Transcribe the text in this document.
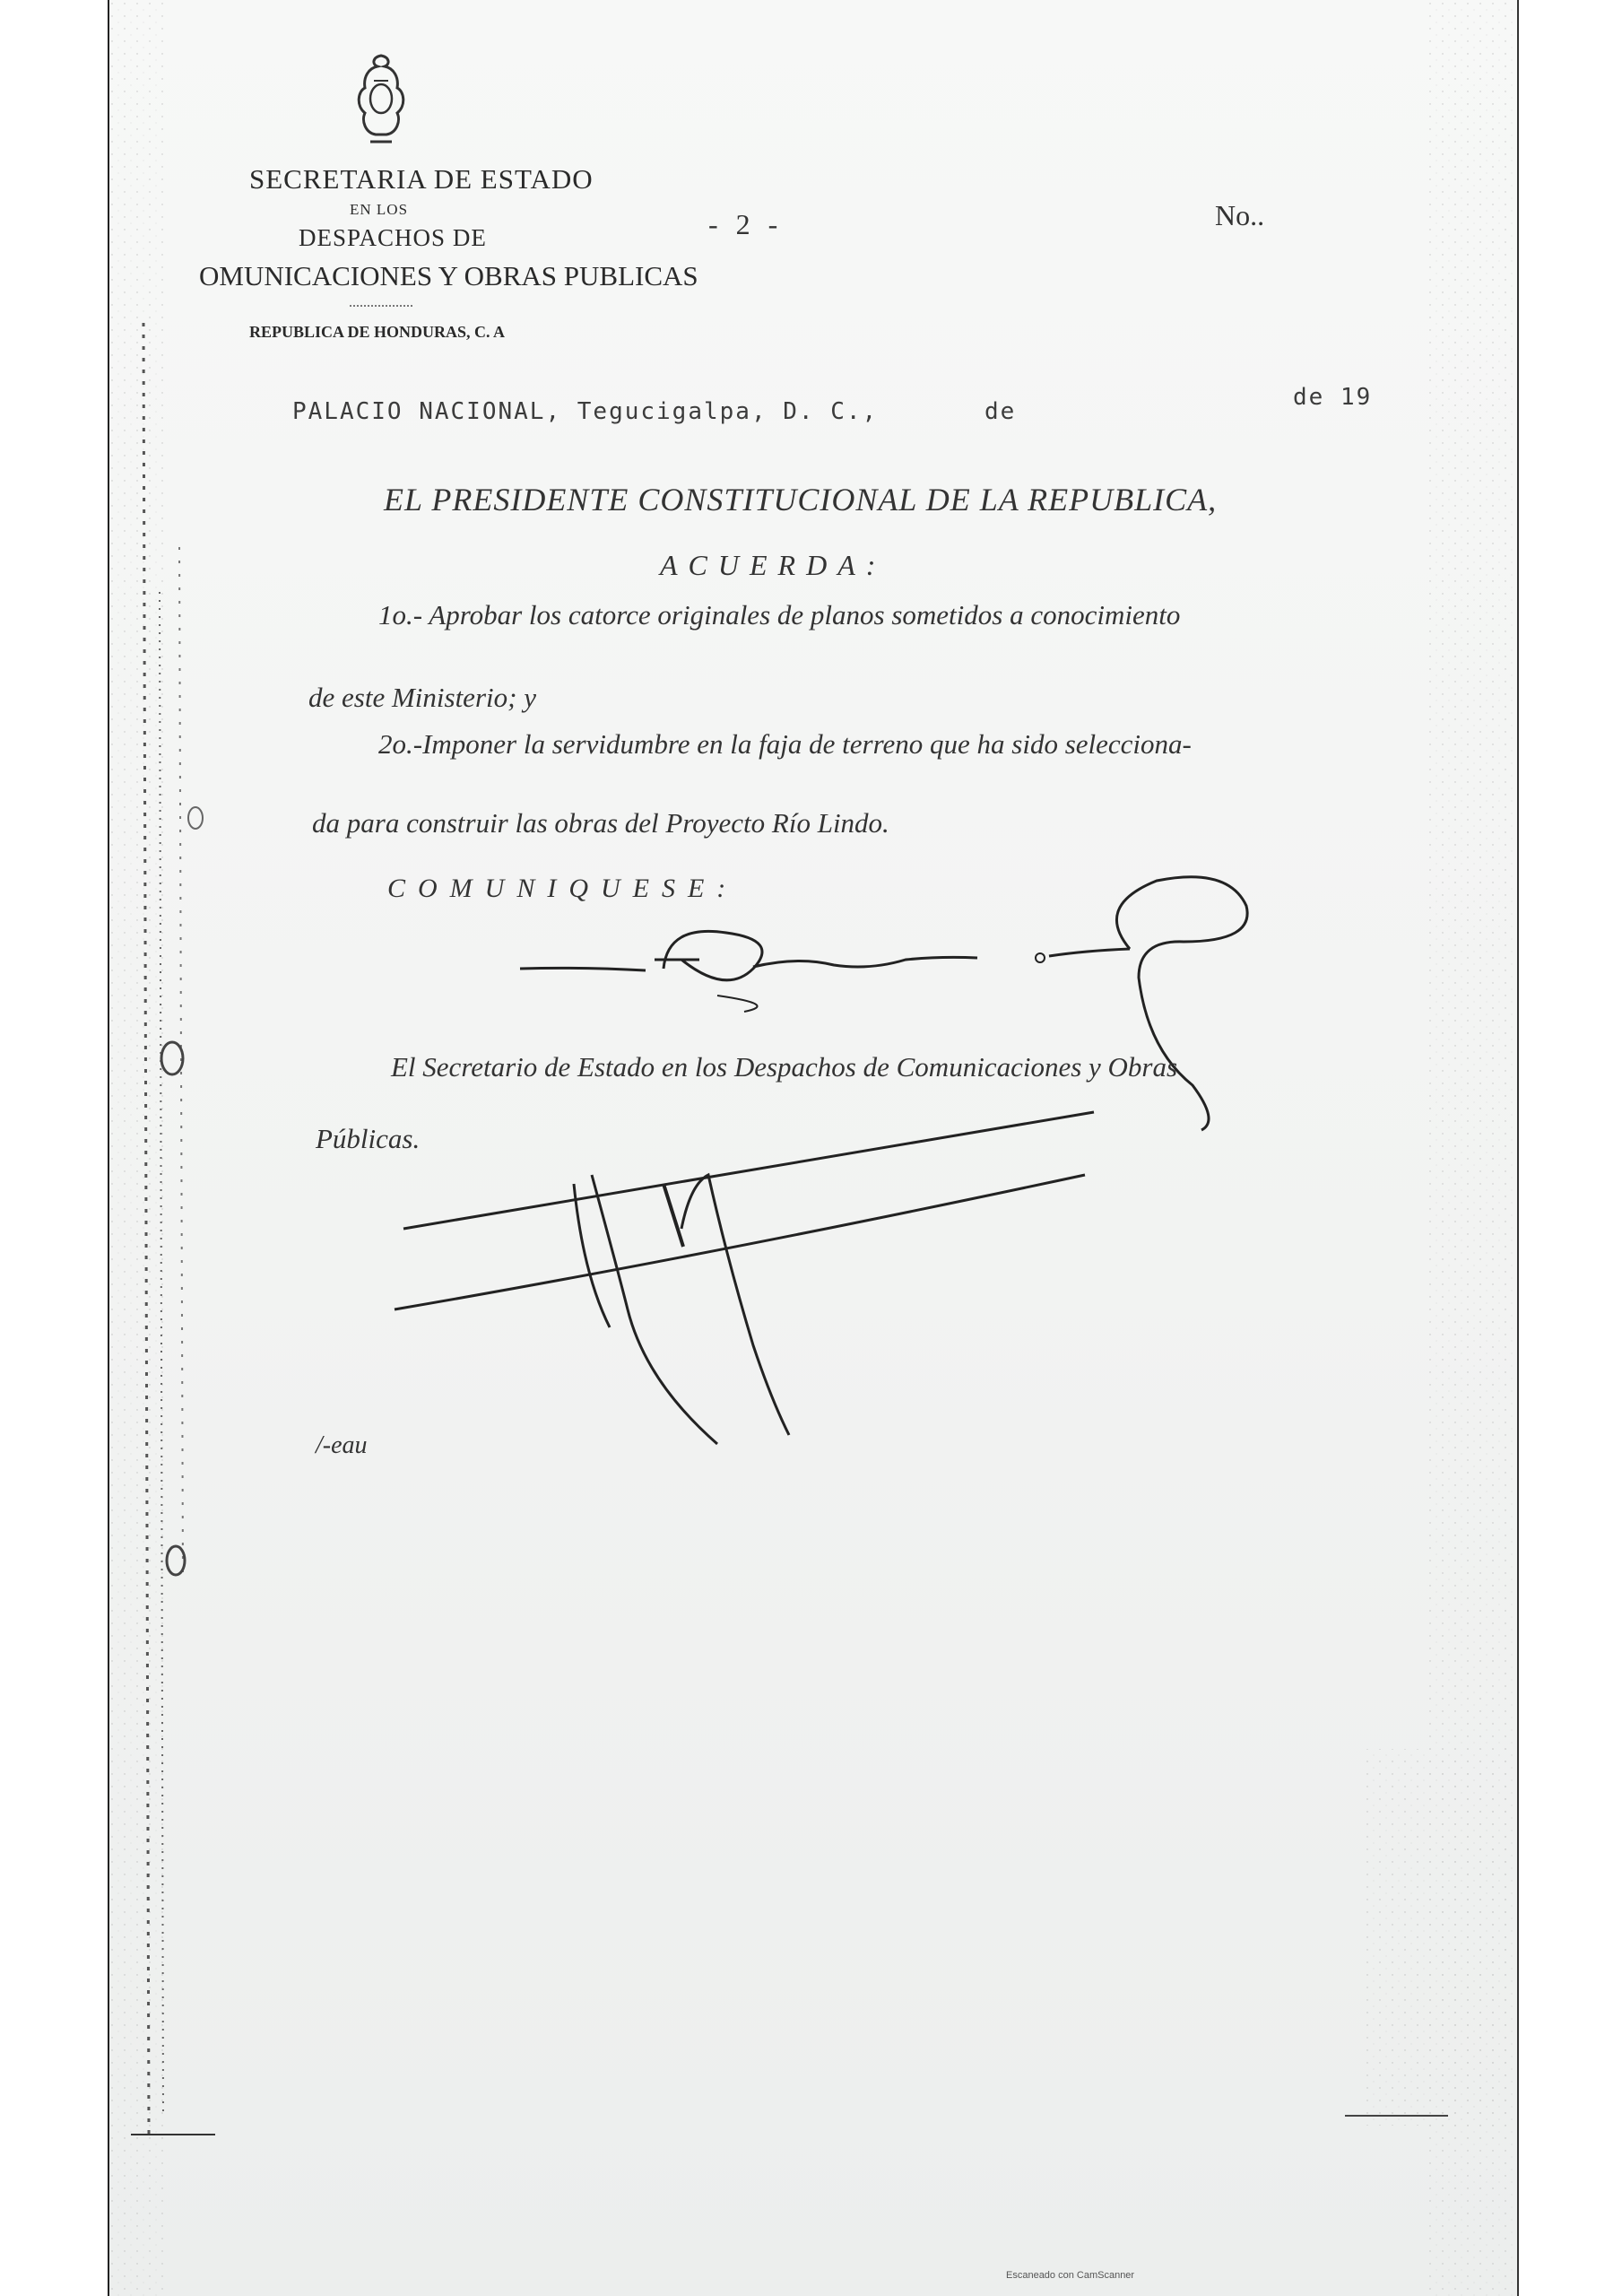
SECRETARIA DE ESTADO
EN LOS
DESPACHOS DE
OMUNICACIONES Y OBRAS PUBLICAS
REPUBLICA DE HONDURAS, C. A
- 2 -	No..
PALACIO NACIONAL, Tegucigalpa, D. C.,	de
de 19
EL PRESIDENTE CONSTITUCIONAL DE LA REPUBLICA,
ACUERDA:
1o.- Aprobar los catorce originales de planos sometidos a conocimiento
de este Ministerio; y
2o.-Imponer la servidumbre en la faja de terreno que ha sido selecciona-
da para construir las obras del Proyecto Río Lindo.
COMUNIQUESE:
El Secretario de Estado en los Despachos de Comunicaciones y Obras
Públicas.
/-eau
Escaneado con CamScanner
